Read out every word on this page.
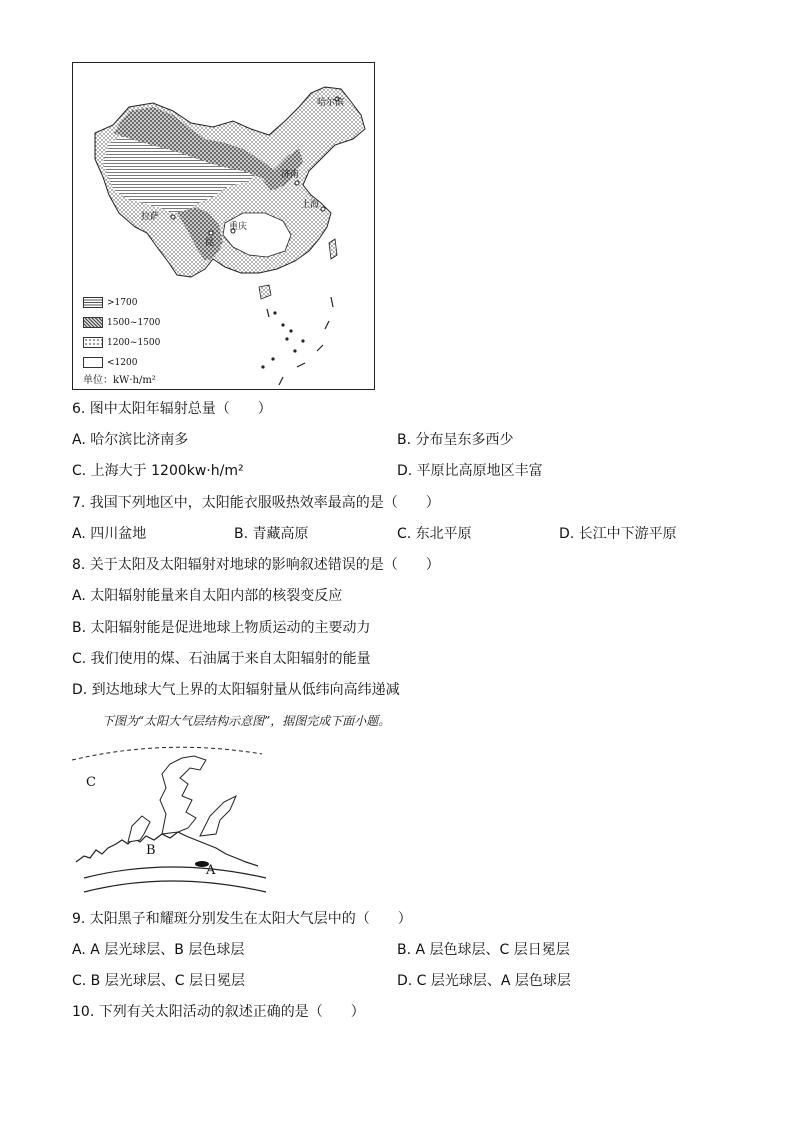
哈尔滨
济南
上海
拉萨
重庆
昆
>1700
1500~1700
1200~1500
<1200
单位：kW·h/m²
6. 图中太阳年辐射总量（　　）
A. 哈尔滨比济南多	B. 分布呈东多西少
C. 上海大于 1200kw·h/m²	D. 平原比高原地区丰富
7. 我国下列地区中，太阳能衣服吸热效率最高的是（　　）
A. 四川盆地	B. 青藏高原	C. 东北平原	D. 长江中下游平原
8. 关于太阳及太阳辐射对地球的影响叙述错误的是（　　）
A. 太阳辐射能量来自太阳内部的核裂变反应
B. 太阳辐射能是促进地球上物质运动的主要动力
C. 我们使用的煤、石油属于来自太阳辐射的能量
D. 到达地球大气上界的太阳辐射量从低纬向高纬递减
下图为“太阳大气层结构示意图”，据图完成下面小题。
C
B
A
9. 太阳黑子和耀斑分别发生在太阳大气层中的（　　）
A. A 层光球层、B 层色球层	B. A 层色球层、C 层日冕层
C. B 层光球层、C 层日冕层	D. C 层光球层、A 层色球层
10. 下列有关太阳活动的叙述正确的是（　　）
